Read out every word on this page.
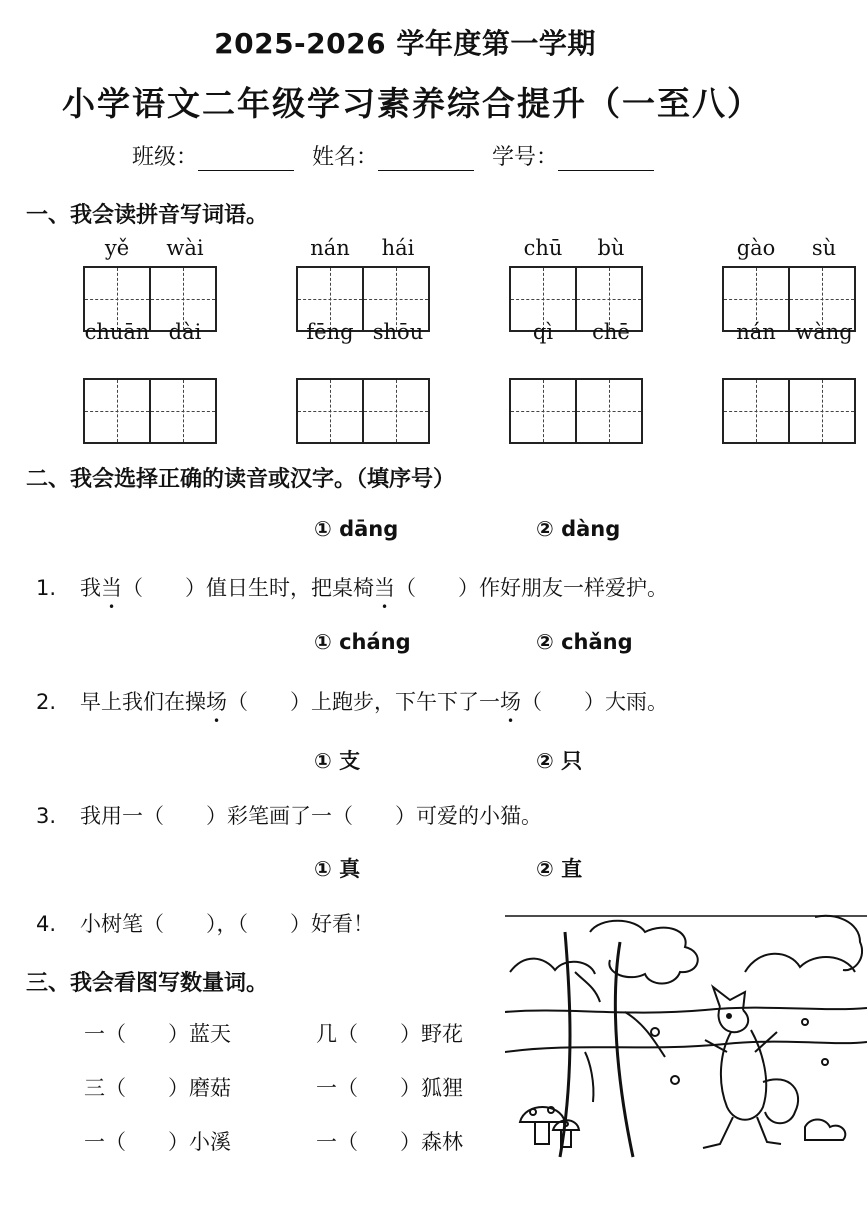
2025-2026 学年度第一学期
小学语文二年级学习素养综合提升（一至八）
班级：	姓名：	学号：
一、我会读拼音写词语。
yě	wài	nán	hái	chū	bù	gào	sù
chuān dài	fēng shōu	qì	chē	nán wàng
二、我会选择正确的读音或汉字。（填序号）
① dāng	② dàng
1. 我当（　　）值日生时，把桌椅当（　　）作好朋友一样爱护。
① cháng	② chǎng
2. 早上我们在操场（　　）上跑步，下午下了一场（　　）大雨。
① 支	② 只
3. 我用一（　　）彩笔画了一（　　）可爱的小猫。
① 真	② 直
4. 小树笔（　　），（　　）好看！
三、我会看图写数量词。
一（　　）蓝天	几（　　）野花
三（　　）磨菇	一（　　）狐狸
一（　　）小溪	一（　　）森林
